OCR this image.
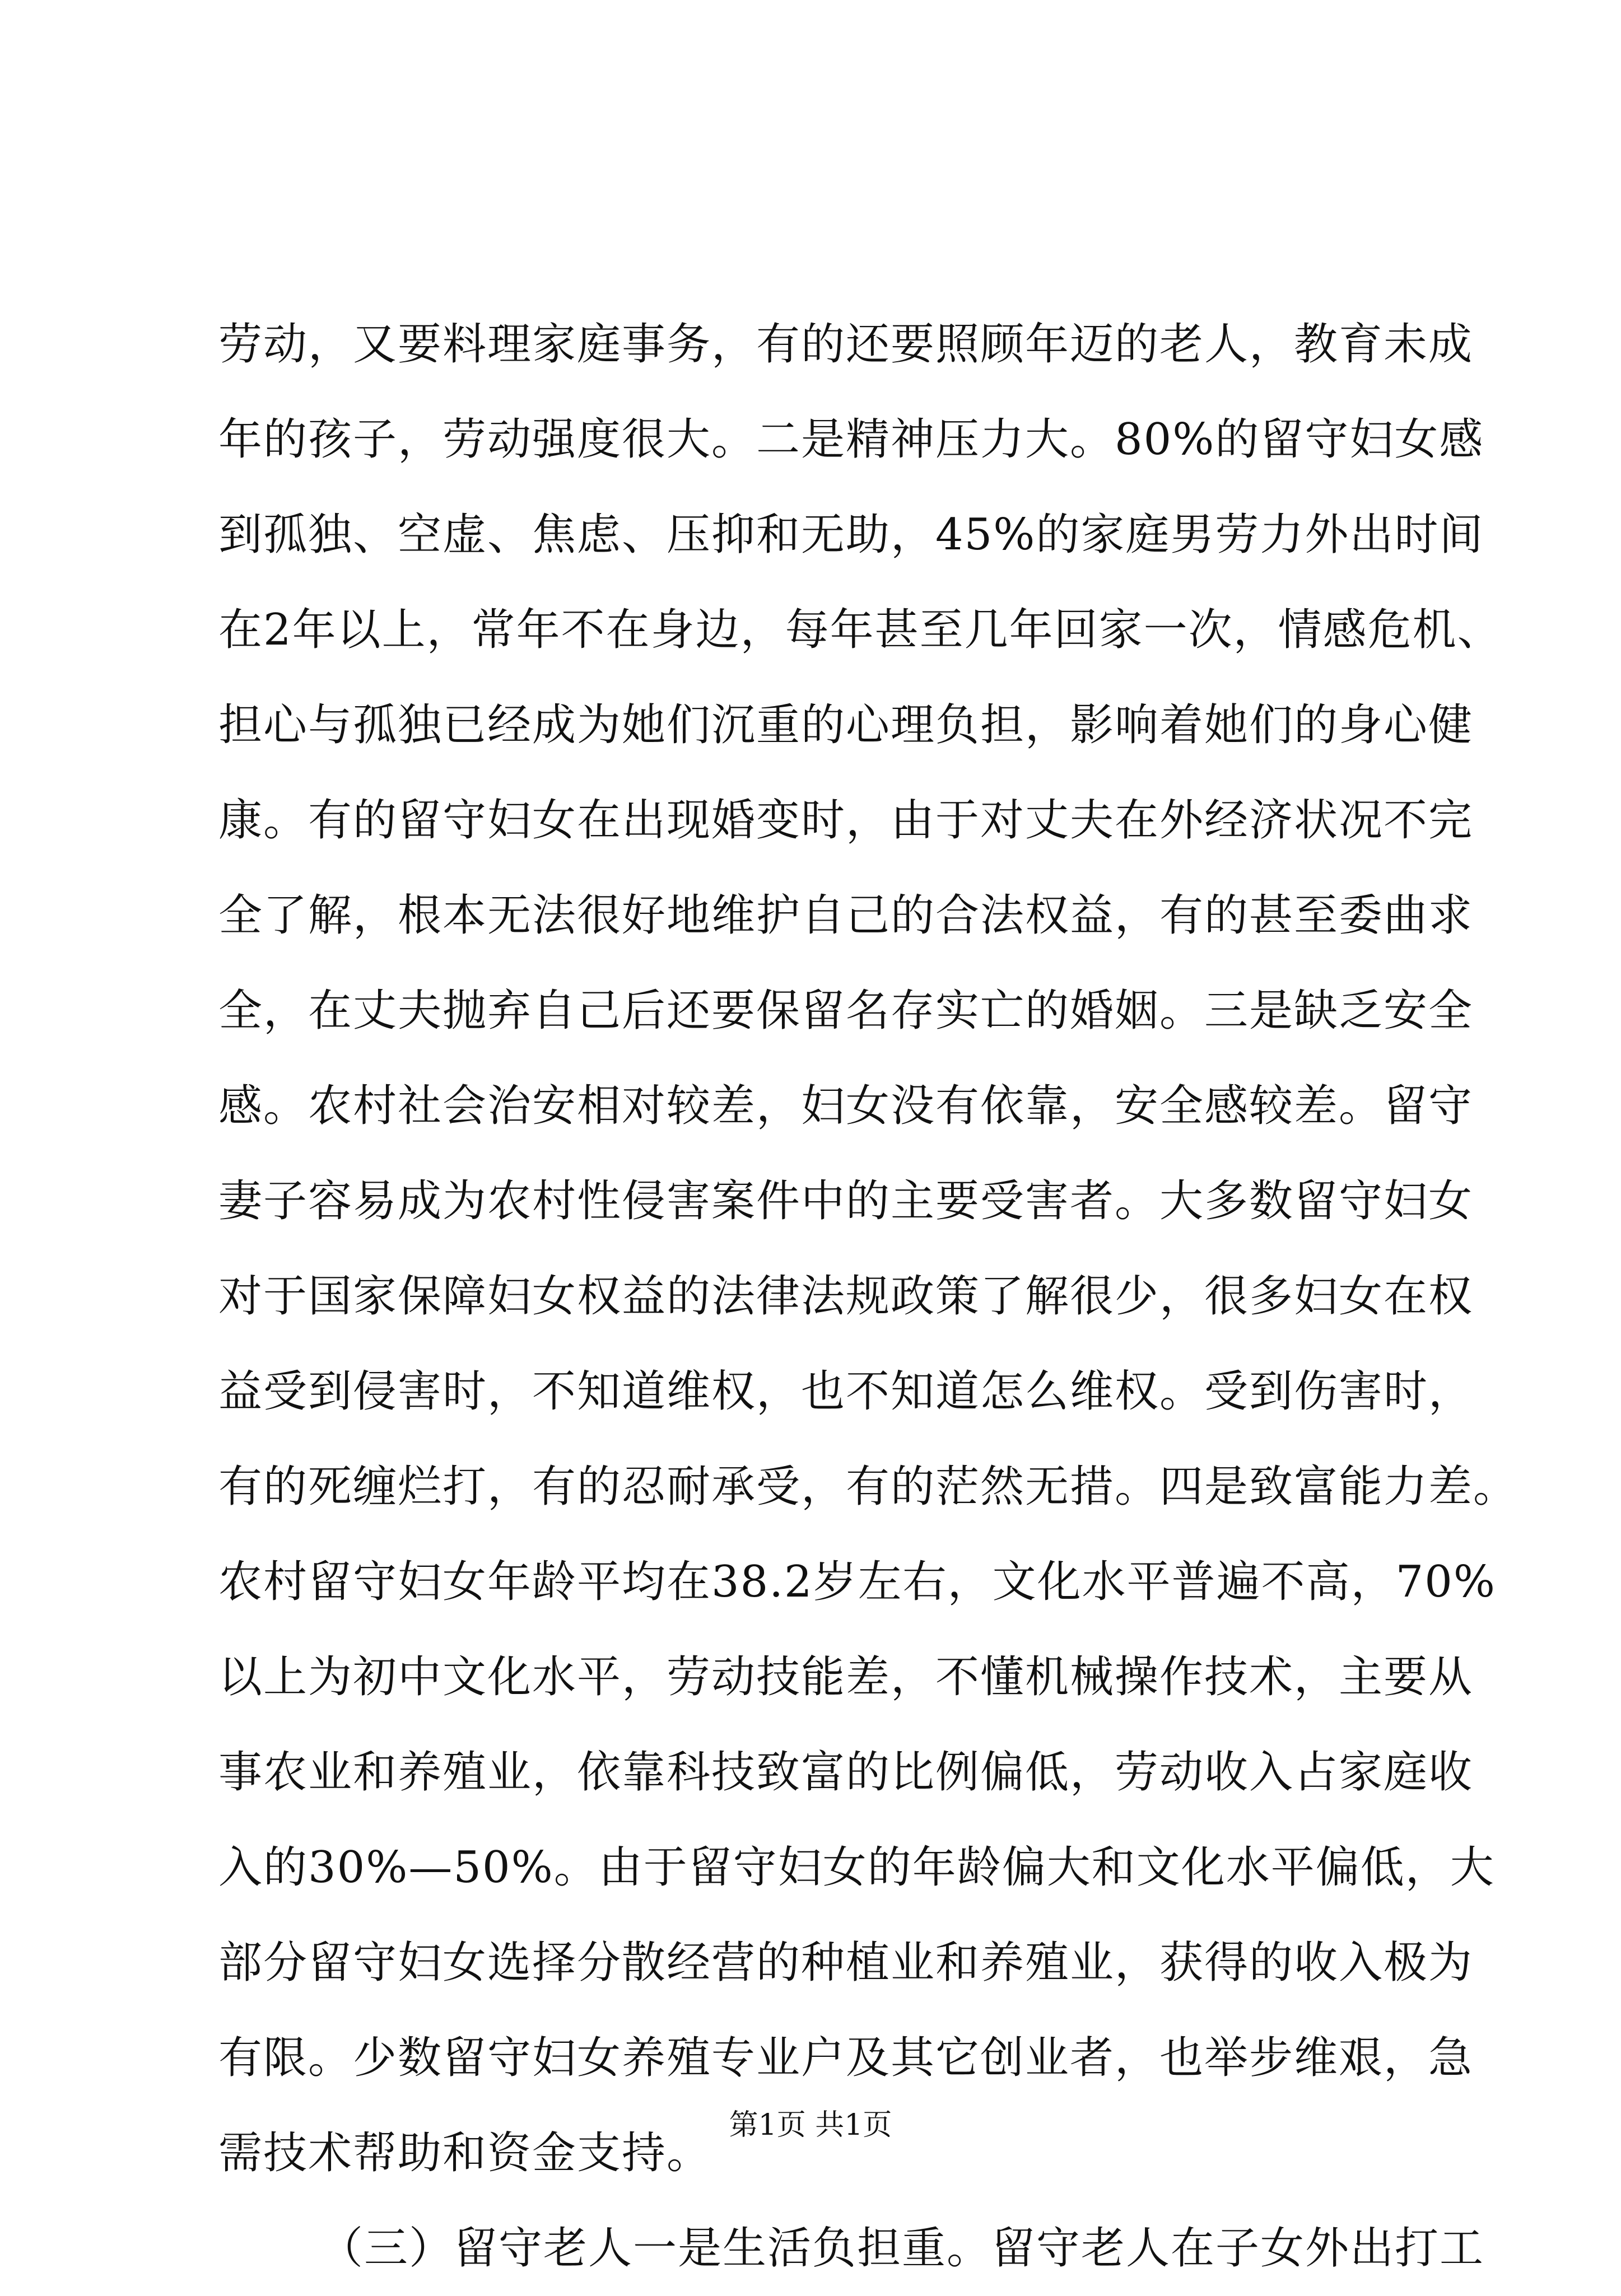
劳动，又要料理家庭事务，有的还要照顾年迈的老人，教育未成
年的孩子，劳动强度很大。二是精神压力大。80%的留守妇女感
到孤独、空虚、焦虑、压抑和无助，45%的家庭男劳力外出时间
在2年以上，常年不在身边，每年甚至几年回家一次，情感危机、
担心与孤独已经成为她们沉重的心理负担，影响着她们的身心健
康。有的留守妇女在出现婚变时，由于对丈夫在外经济状况不完
全了解，根本无法很好地维护自己的合法权益，有的甚至委曲求
全，在丈夫抛弃自己后还要保留名存实亡的婚姻。三是缺乏安全
感。农村社会治安相对较差，妇女没有依靠，安全感较差。留守
妻子容易成为农村性侵害案件中的主要受害者。大多数留守妇女
对于国家保障妇女权益的法律法规政策了解很少，很多妇女在权
益受到侵害时，不知道维权，也不知道怎么维权。受到伤害时，
有的死缠烂打，有的忍耐承受，有的茫然无措。四是致富能力差。
农村留守妇女年龄平均在38.2岁左右，文化水平普遍不高，70%
以上为初中文化水平，劳动技能差，不懂机械操作技术，主要从
事农业和养殖业，依靠科技致富的比例偏低，劳动收入占家庭收
入的30%—50%。由于留守妇女的年龄偏大和文化水平偏低，大
部分留守妇女选择分散经营的种植业和养殖业，获得的收入极为
有限。少数留守妇女养殖专业户及其它创业者，也举步维艰，急
需技术帮助和资金支持。
（三）留守老人一是生活负担重。留守老人在子女外出打工
第1页 共1页
